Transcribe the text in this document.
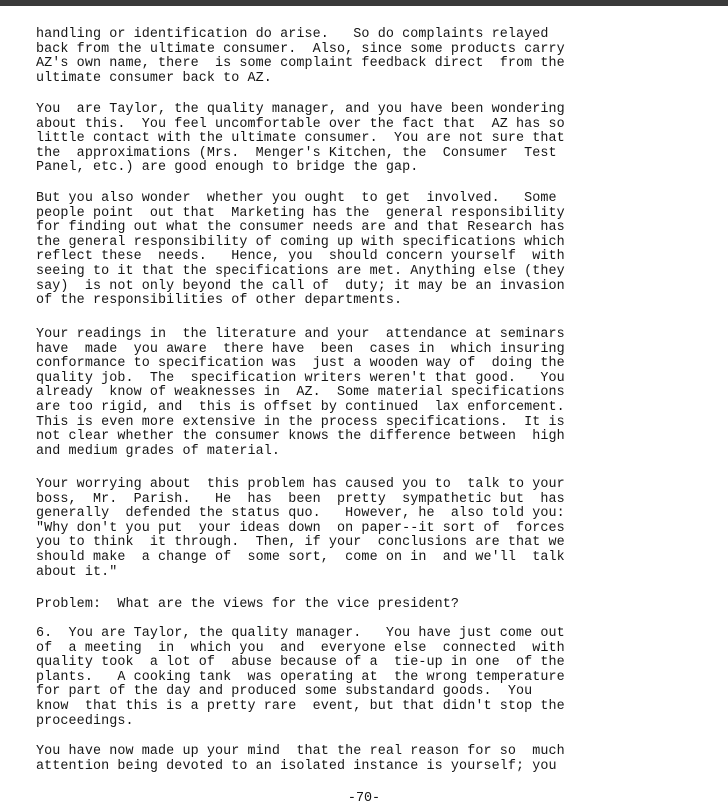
handling or identification do arise.   So do complaints relayed
back from the ultimate consumer.  Also, since some products carry
AZ's own name, there  is some complaint feedback direct  from the
ultimate consumer back to AZ.

You  are Taylor, the quality manager, and you have been wondering
about this.  You feel uncomfortable over the fact that  AZ has so
little contact with the ultimate consumer.  You are not sure that
the  approximations (Mrs.  Menger's Kitchen, the  Consumer  Test
Panel, etc.) are good enough to bridge the gap.

But you also wonder  whether you ought  to get  involved.   Some
people point  out that  Marketing has the  general responsibility
for finding out what the consumer needs are and that Research has
the general responsibility of coming up with specifications which
reflect these  needs.   Hence, you  should concern yourself  with
seeing to it that the specifications are met. Anything else (they
say)  is not only beyond the call of  duty; it may be an invasion
of the responsibilities of other departments.

Your readings in  the literature and your  attendance at seminars
have  made  you aware  there have  been  cases in  which insuring
conformance to specification was  just a wooden way of  doing the
quality job.  The  specification writers weren't that good.   You
already  know of weaknesses in  AZ.  Some material specifications
are too rigid, and  this is offset by continued  lax enforcement.
This is even more extensive in the process specifications.  It is
not clear whether the consumer knows the difference between  high
and medium grades of material.

Your worrying about  this problem has caused you to  talk to your
boss,  Mr.  Parish.   He  has  been  pretty  sympathetic but  has
generally  defended the status quo.   However, he  also told you:
"Why don't you put  your ideas down  on paper--it sort of  forces
you to think  it through.  Then, if your  conclusions are that we
should make  a change of  some sort,  come on in  and we'll  talk
about it."

Problem:  What are the views for the vice president?

6.  You are Taylor, the quality manager.   You have just come out
of  a meeting  in  which you  and  everyone else  connected  with
quality took  a lot of  abuse because of a  tie-up in one  of the
plants.   A cooking tank  was operating at  the wrong temperature
for part of the day and produced some substandard goods.  You
know  that this is a pretty rare  event, but that didn't stop the
proceedings.

You have now made up your mind  that the real reason for so  much
attention being devoted to an isolated instance is yourself; you

-70-
